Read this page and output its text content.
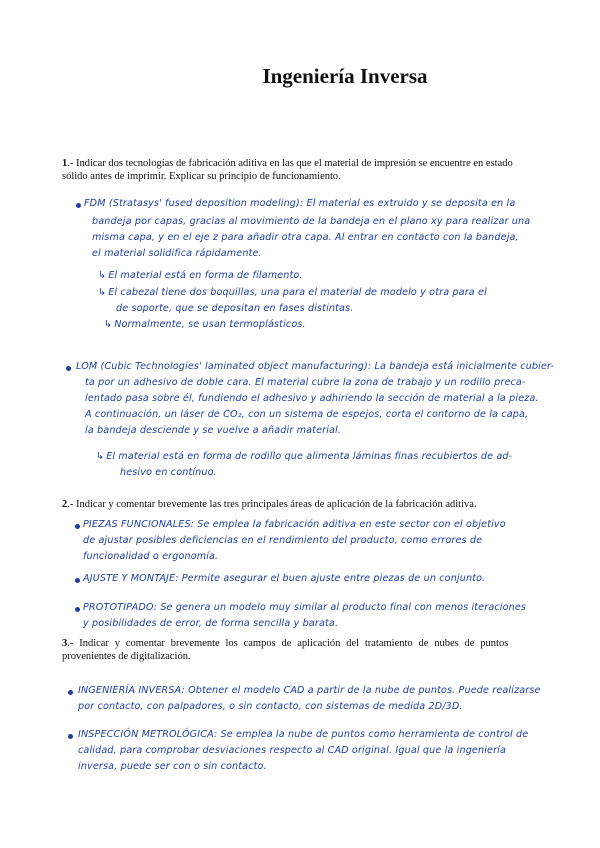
Ingeniería Inversa
1.- Indicar dos tecnologías de fabricación aditiva en las que el material de impresión se encuentre en estado
sólido antes de imprimir. Explicar su principio de funcionamiento.
FDM (Stratasys' fused deposition modeling): El material es extruido y se deposita en la
bandeja por capas, gracias al movimiento de la bandeja en el plano xy para realizar una
misma capa, y en el eje z para añadir otra capa. Al entrar en contacto con la bandeja,
el material solidifica rápidamente.
↳ El material está en forma de filamento.
↳ El cabezal tiene dos boquillas, una para el material de modelo y otra para el
de soporte, que se depositan en fases distintas.
↳ Normalmente, se usan termoplásticos.
LOM (Cubic Technologies' laminated object manufacturing): La bandeja está inicialmente cubier-
ta por un adhesivo de doble cara. El material cubre la zona de trabajo y un rodillo preca-
lentado pasa sobre él, fundiendo el adhesivo y adhiriendo la sección de material a la pieza.
A continuación, un láser de CO₂, con un sistema de espejos, corta el contorno de la capa,
la bandeja desciende y se vuelve a añadir material.
↳ El material está en forma de rodillo que alimenta láminas finas recubiertos de ad-
hesivo en contínuo.
2.- Indicar y comentar brevemente las tres principales áreas de aplicación de la fabricación aditiva.
PIEZAS FUNCIONALES: Se emplea la fabricación aditiva en este sector con el objetivo
de ajustar posibles deficiencias en el rendimiento del producto, como errores de
funcionalidad o ergonomía.
AJUSTE Y MONTAJE: Permite asegurar el buen ajuste entre piezas de un conjunto.
PROTOTIPADO: Se genera un modelo muy similar al producto final con menos iteraciones
y posibilidades de error, de forma sencilla y barata.
3.- Indicar y comentar brevemente los campos de aplicación del tratamiento de nubes de puntos
provenientes de digitalización.
INGENIERÍA INVERSA: Obtener el modelo CAD a partir de la nube de puntos. Puede realizarse
por contacto, con palpadores, o sin contacto, con sistemas de medida 2D/3D.
INSPECCIÓN METROLÓGICA: Se emplea la nube de puntos como herramienta de control de
calidad, para comprobar desviaciones respecto al CAD original. Igual que la ingeniería
inversa, puede ser con o sin contacto.
